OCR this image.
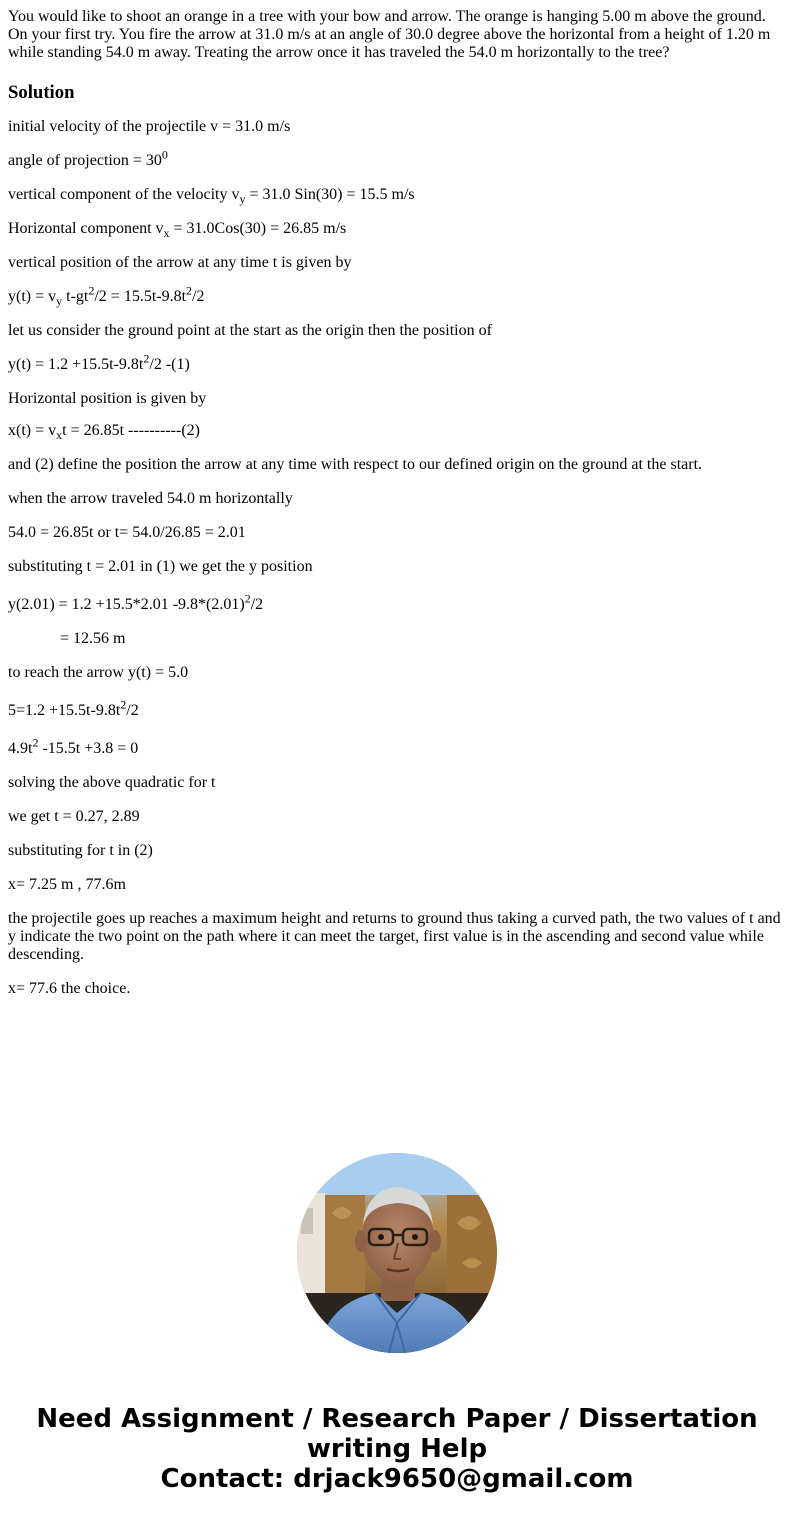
You would like to shoot an orange in a tree with your bow and arrow. The orange is hanging 5.00 m above the ground. On your first try. You fire the arrow at 31.0 m/s at an angle of 30.0 degree above the horizontal from a height of 1.20 m while standing 54.0 m away. Treating the arrow once it has traveled the 54.0 m horizontally to the tree?

Solution

initial velocity of the projectile v = 31.0 m/s

angle of projection = $30^0$

vertical component of the velocity $v_y = 31.0$ Sin(30) = 15.5 m/s

Horizontal component $v_x = 31.0Cos(30) = 26.85$ m/s

vertical position of the arrow at any time t is given by

$y(t) = v_y$ $t-gt^2/2 = 15.5t-9.8t^2/2$

let us consider the ground point at the start as the origin then the position of

$y(t) = 1.2 +15.5t-9.8t^2/2$ -(1)

Horizontal position is given by

$x(t) = v_xt = 26.85t$ ----------(2)

and (2) define the position the arrow at any time with respect to our defined origin on the ground at the start.

when the arrow traveled 54.0 m horizontally

54.0 = 26.85t or t= 54.0/26.85 = 2.01

substituting t = 2.01 in (1) we get the y position

y(2.01) = 1.2 +15.5*2.01 $-9.8*(2.01)^2/2$

= 12.56 m

to reach the arrow y(t) = 5.0

$5=1.2 +15.5t-9.8t^2/2$

$4.9t^2$ -15.5t +3.8 = 0

solving the above quadratic for t

we get t = 0.27, 2.89

substituting for t in (2)

x= 7.25 m , 77.6m

the projectile goes up reaches a maximum height and returns to ground thus taking a curved path, the two values of t and y indicate the two point on the path where it can meet the target, first value is in the ascending and second value while descending.

x= 77.6 the choice.

Need Assignment / Research Paper / Dissertation
writing Help
Contact: drjack9650@gmail.com
